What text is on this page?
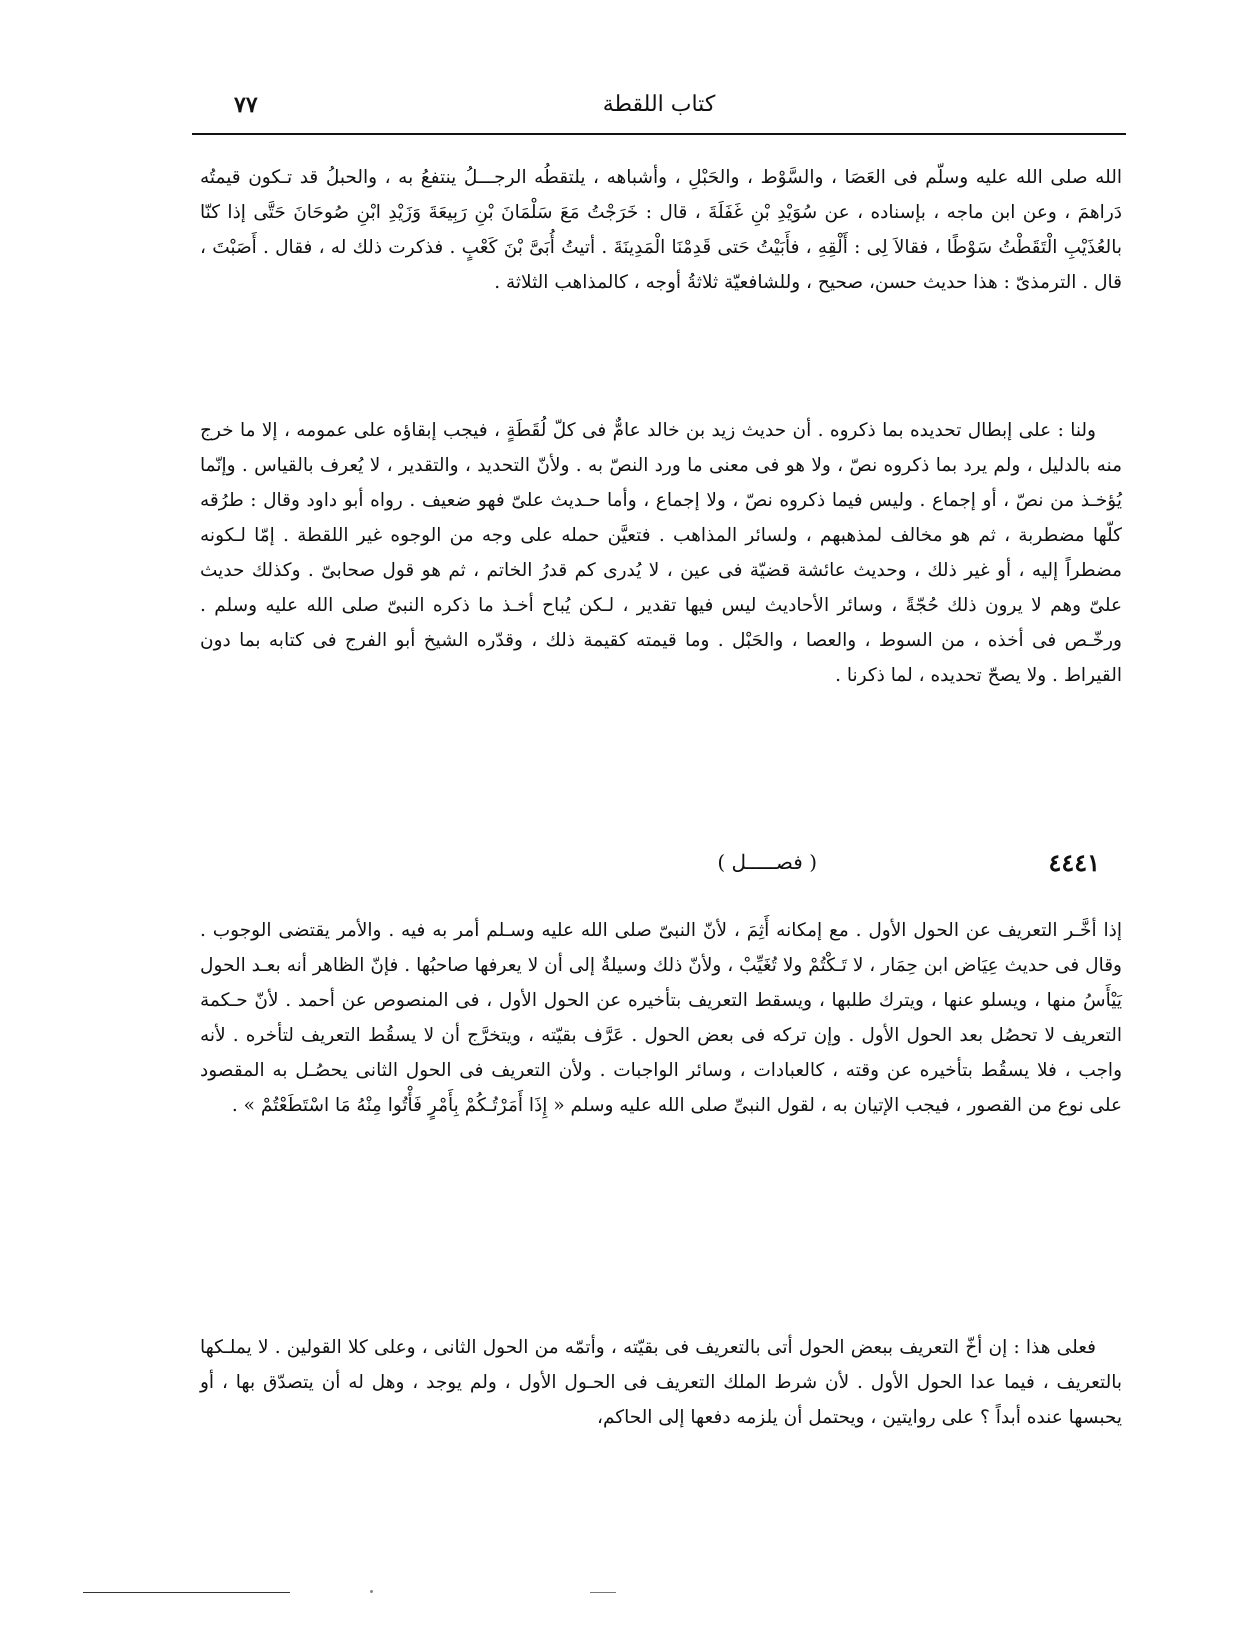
٧٧	كتاب اللقطة

الله صلى الله عليه وسلّم فى العَصَا ، والسَّوْط ، والحَبْلِ ، وأشباهه ، يلتقطُه الرجـــلُ ينتفعُ به ، والحبلُ قد تـكون قيمتُه دَراهمَ ، وعن ابن ماجه ، بإسناده ، عن سُوَيْدِ بْنِ غَفَلَةَ ، قال : خَرَجْتُ مَعَ سَلْمَانَ بْنِ رَبِيعَةَ وَزَيْدِ ابْنِ صُوحَانَ حَتَّى إذا كنّا بالعُذَيْبِ الْتَقَطْتُ سَوْطًا ، فقالاَ لِى : أَلْقِهِ ، فأَبَيْتُ حَتى قَدِمْنَا الْمَدِينَةَ . أتيتُ أُبَىَّ بْنَ كَعْبٍ . فذكرت ذلك له ، فقال . أَصَبْتَ ، قال . الترمذىّ : هذا حديث حسن، صحيح ، وللشافعيّة ثلاثةُ أوجه ، كالمذاهب الثلاثة .

ولنا : على إبطال تحديده بما ذكروه . أن حديث زيد بن خالد عامٌّ فى كلّ لُقَطَةٍ ، فيجب إبقاؤه على عمومه ، إلا ما خرج منه بالدليل ، ولم يرد بما ذكروه نصّ ، ولا هو فى معنى ما ورد النصّ به . ولأنّ التحديد ، والتقدير ، لا يُعرف بالقياس . وإنّما يُؤخـذ من نصّ ، أو إجماع . وليس فيما ذكروه نصّ ، ولا إجماع ، وأما حـديث علىّ فهو ضعيف . رواه أبو داود وقال : طرُقه كلّها مضطربة ، ثم هو مخالف لمذهبهم ، ولسائر المذاهب . فتعيَّن حمله على وجه من الوجوه غير اللقطة . إمّا لـكونه مضطراً إليه ، أو غير ذلك ، وحديث عائشة قضيّة فى عين ، لا يُدرى كم قدرُ الخاتم ، ثم هو قول صحابىّ . وكذلك حديث علىّ وهم لا يرون ذلك حُجّةً ، وسائر الأحاديث ليس فيها تقدير ، لـكن يُباح أخـذ ما ذكره النبىّ صلى الله عليه وسلم . ورخّـص فى أخذه ، من السوط ، والعصا ، والحَبْل . وما قيمته كقيمة ذلك ، وقدّره الشيخ أبو الفرج فى كتابه بما دون القيراط . ولا يصحّ تحديده ، لما ذكرنا .

٤٤٤١
( فصـــــل )

إذا أخَّـر التعريف عن الحول الأول . مع إمكانه أَثِمَ ، لأنّ النبىّ صلى الله عليه وسـلم أمر به فيه . والأمر يقتضى الوجوب . وقال فى حديث عِيَاض ابن حِمَار ، لا تَـكْتُمْ ولا تُغَيِّبْ ، ولأنّ ذلك وسيلةٌ إلى أن لا يعرفها صاحبُها . فإنّ الظاهر أنه بعـد الحول يَيْأَسُ منها ، ويسلو عنها ، ويترك طلبها ، ويسقط التعريف بتأخيره عن الحول الأول ، فى المنصوص عن أحمد . لأنّ حـكمة التعريف لا تحصُل بعد الحول الأول . وإن تركه فى بعض الحول . عَرَّف بقيّته ، ويتخرَّج أن لا يسقُط التعريف لتأخره . لأنه واجب ، فلا يسقُط بتأخيره عن وقته ، كالعبادات ، وسائر الواجبات . ولأن التعريف فى الحول الثانى يحصُـل به المقصود على نوع من القصور ، فيجب الإتيان به ، لقول النبىِّ صلى الله عليه وسلم « إِذَا أَمَرْتُـكُمْ بِأَمْرٍ فَأْتُوا مِنْهُ مَا اسْتَطَعْتُمْ » .

فعلى هذا : إن أخّ التعريف ببعض الحول أتى بالتعريف فى بقيّته ، وأتمّه من الحول الثانى ، وعلى كلا القولين . لا يملـكها بالتعريف ، فيما عدا الحول الأول . لأن شرط الملك التعريف فى الحـول الأول ، ولم يوجد ، وهل له أن يتصدّق بها ، أو يحبسها عنده أبداً ؟ على روايتين ، ويحتمل أن يلزمه دفعها إلى الحاكم،
